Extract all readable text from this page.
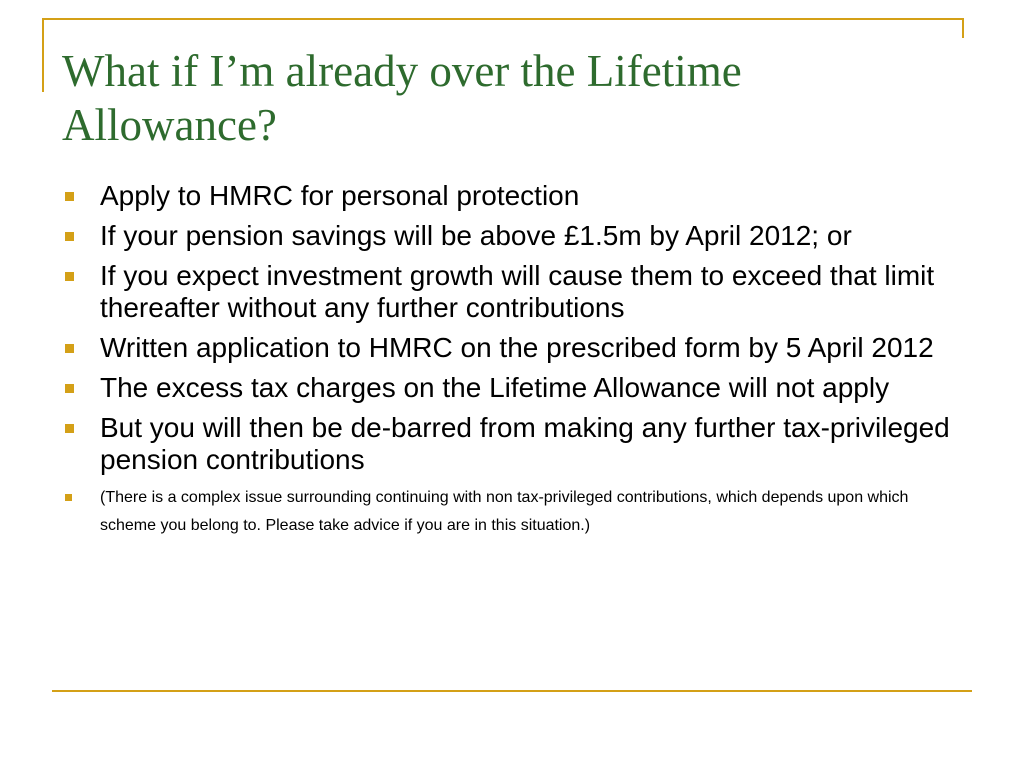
What if I’m already over the Lifetime Allowance?
Apply to HMRC for personal protection
If your pension savings will be above £1.5m by April 2012; or
If you expect investment growth will cause them to exceed that limit thereafter without any further contributions
Written application to HMRC on the prescribed form by 5 April 2012
The excess tax charges on the Lifetime Allowance will not apply
But you will then be de-barred from making any further tax-privileged pension contributions
(There is a complex issue surrounding continuing with non tax-privileged contributions, which depends upon which scheme you belong to. Please take advice if you are in this situation.)
